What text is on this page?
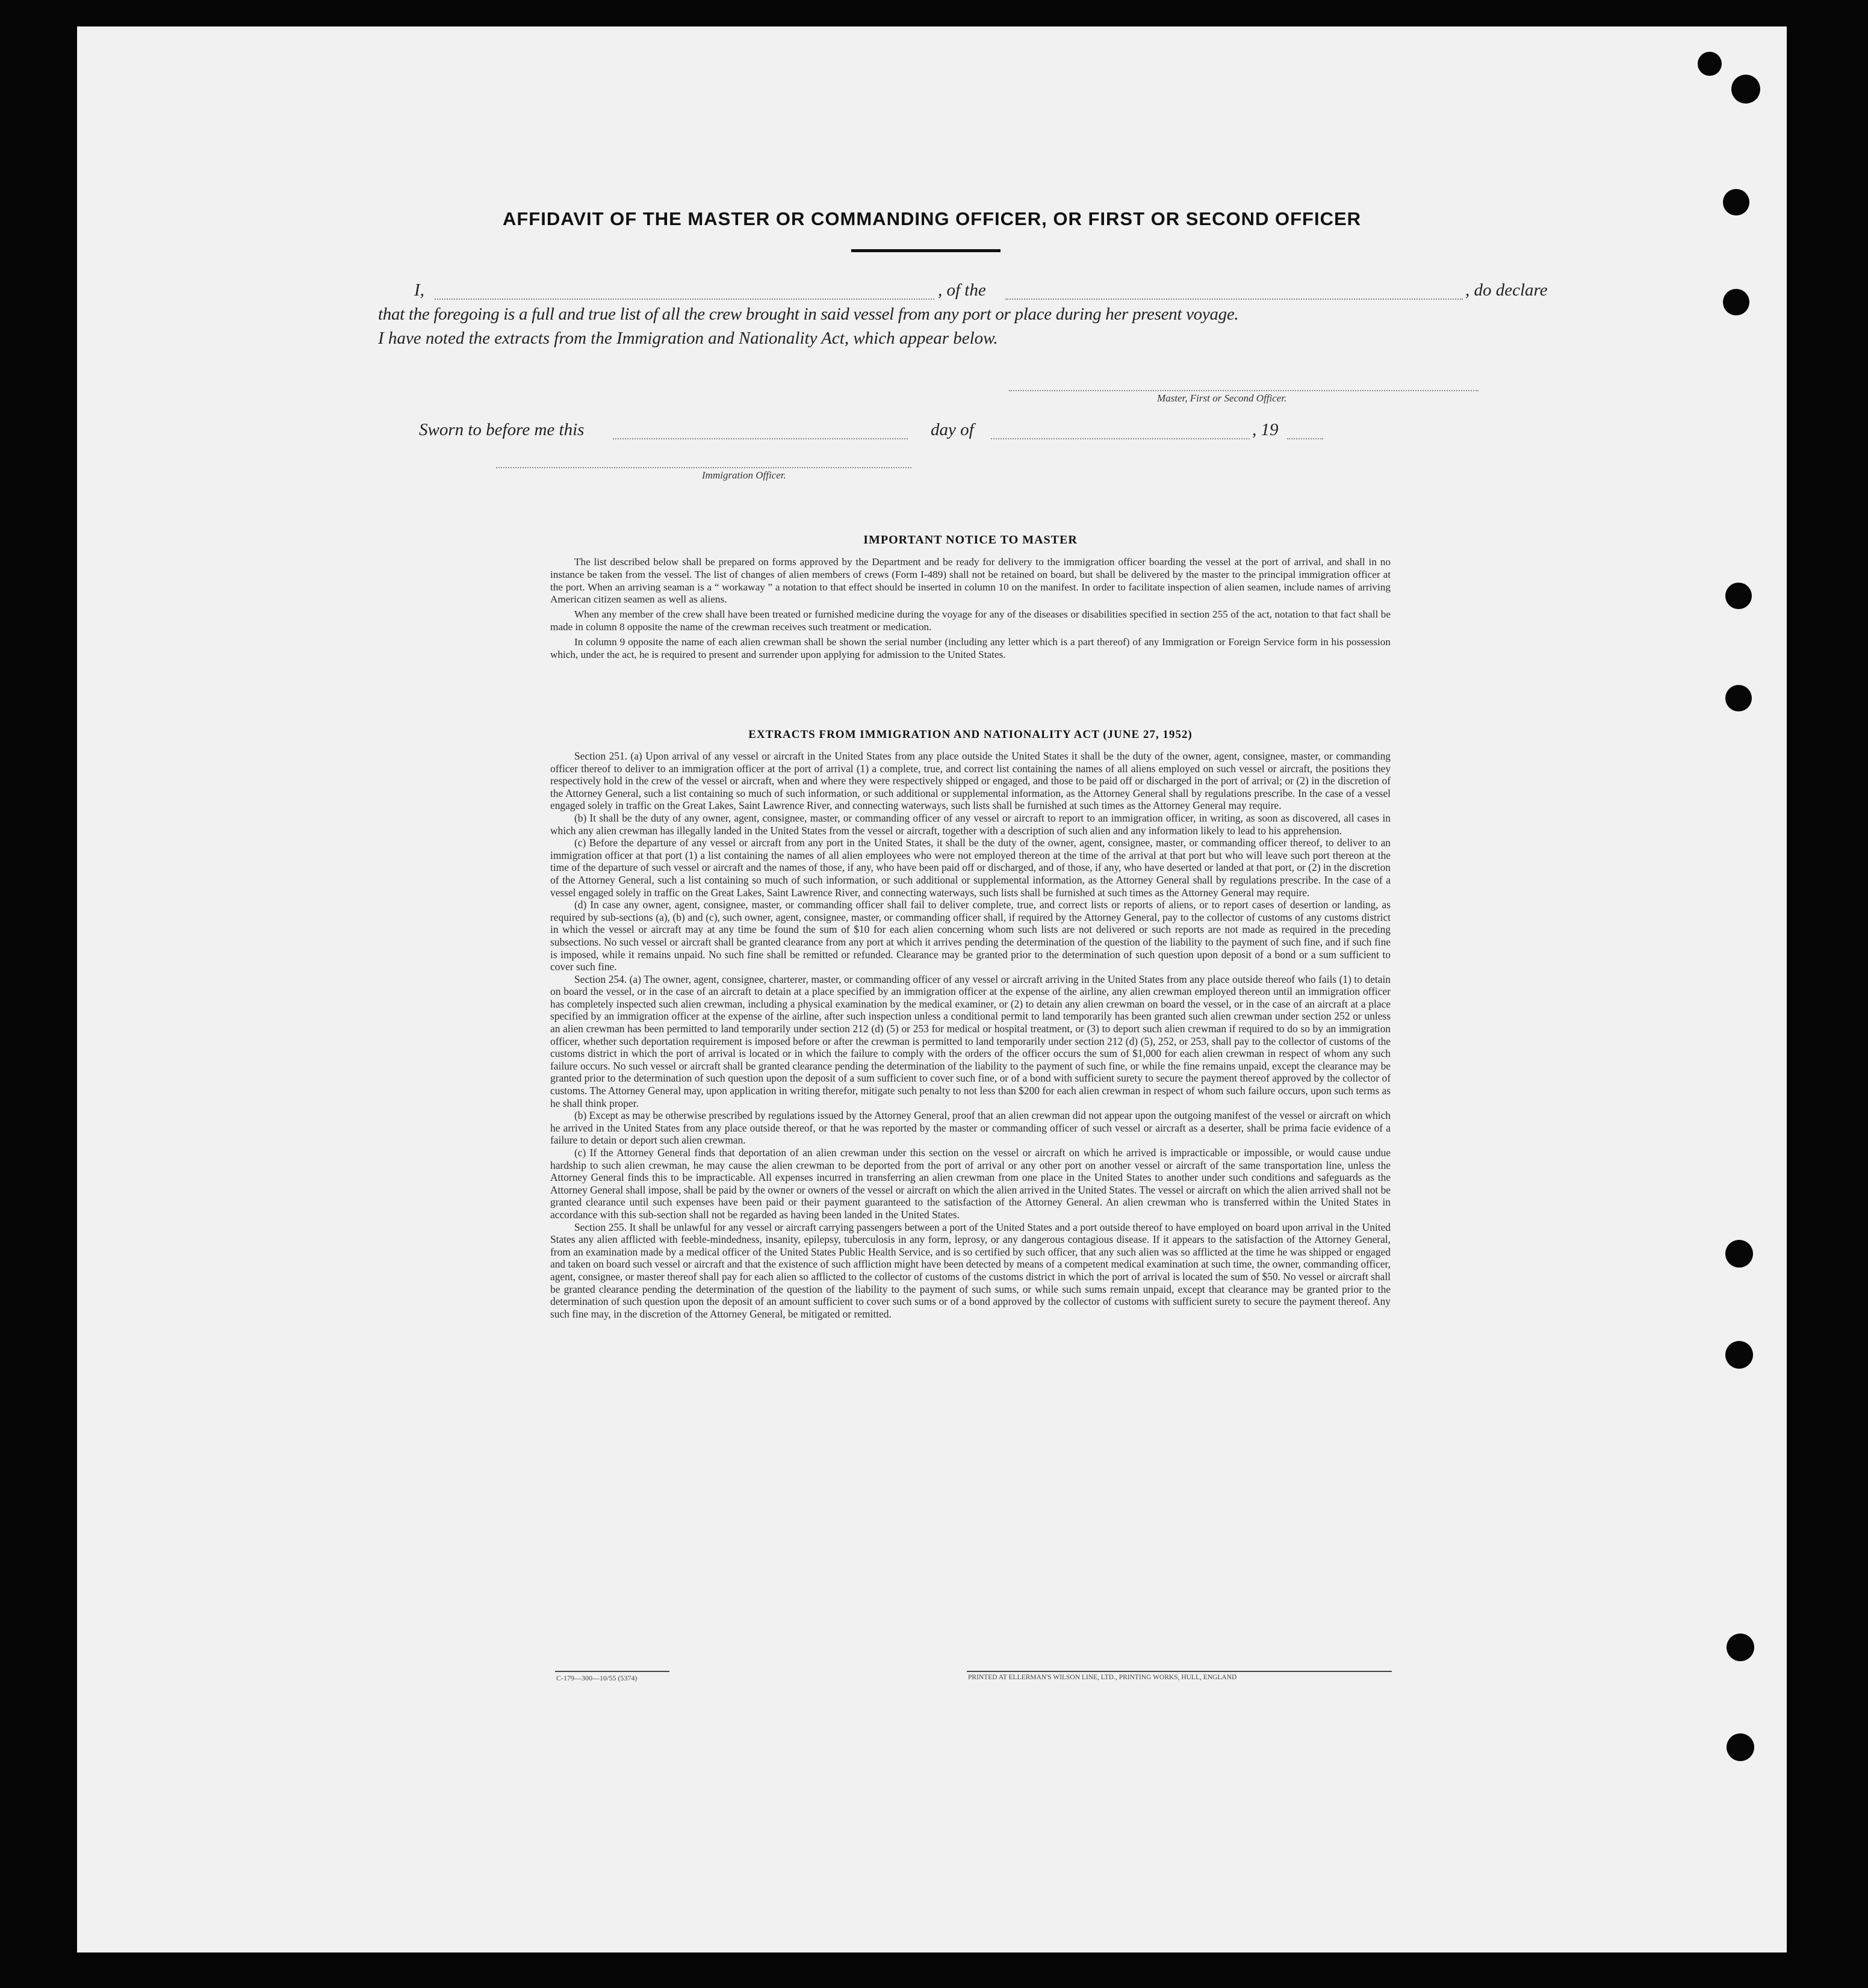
AFFIDAVIT OF THE MASTER OR COMMANDING OFFICER, OR FIRST OR SECOND OFFICER
I,	, of the	, do declare
that the foregoing is a full and true list of all the crew brought in said vessel from any port or place during her present voyage.
I have noted the extracts from the Immigration and Nationality Act, which appear below.
Master, First or Second Officer.
Sworn to before me this	day of	, 19
Immigration Officer.
IMPORTANT NOTICE TO MASTER

The list described below shall be prepared on forms approved by the Department and be ready for delivery to the immigration officer boarding the vessel at the port of arrival, and shall in no instance be taken from the vessel. The list of changes of alien members of crews (Form I-489) shall not be retained on board, but shall be delivered by the master to the principal immigration officer at the port. When an arriving seaman is a “ workaway ” a notation to that effect should be inserted in column 10 on the manifest. In order to facilitate inspection of alien seamen, include names of arriving American citizen seamen as well as aliens.

When any member of the crew shall have been treated or furnished medicine during the voyage for any of the diseases or disabilities specified in section 255 of the act, notation to that fact shall be made in column 8 opposite the name of the crewman receives such treatment or medication.

In column 9 opposite the name of each alien crewman shall be shown the serial number (including any letter which is a part thereof) of any Immigration or Foreign Service form in his possession which, under the act, he is required to present and surrender upon applying for admission to the United States.

EXTRACTS FROM IMMIGRATION AND NATIONALITY ACT (JUNE 27, 1952)

Section 251. (a) Upon arrival of any vessel or aircraft in the United States from any place outside the United States it shall be the duty of the owner, agent, consignee, master, or commanding officer thereof to deliver to an immigration officer at the port of arrival (1) a complete, true, and correct list containing the names of all aliens employed on such vessel or aircraft, the positions they respectively hold in the crew of the vessel or aircraft, when and where they were respectively shipped or engaged, and those to be paid off or discharged in the port of arrival; or (2) in the discretion of the Attorney General, such a list containing so much of such information, or such additional or supplemental information, as the Attorney General shall by regulations prescribe. In the case of a vessel engaged solely in traffic on the Great Lakes, Saint Lawrence River, and connecting waterways, such lists shall be furnished at such times as the Attorney General may require.

(b) It shall be the duty of any owner, agent, consignee, master, or commanding officer of any vessel or aircraft to report to an immigration officer, in writing, as soon as discovered, all cases in which any alien crewman has illegally landed in the United States from the vessel or aircraft, together with a description of such alien and any information likely to lead to his apprehension.

(c) Before the departure of any vessel or aircraft from any port in the United States, it shall be the duty of the owner, agent, consignee, master, or commanding officer thereof, to deliver to an immigration officer at that port (1) a list containing the names of all alien employees who were not employed thereon at the time of the arrival at that port but who will leave such port thereon at the time of the departure of such vessel or aircraft and the names of those, if any, who have been paid off or discharged, and of those, if any, who have deserted or landed at that port, or (2) in the discretion of the Attorney General, such a list containing so much of such information, or such additional or supplemental information, as the Attorney General shall by regulations prescribe. In the case of a vessel engaged solely in traffic on the Great Lakes, Saint Lawrence River, and connecting waterways, such lists shall be furnished at such times as the Attorney General may require.

(d) In case any owner, agent, consignee, master, or commanding officer shall fail to deliver complete, true, and correct lists or reports of aliens, or to report cases of desertion or landing, as required by sub-sections (a), (b) and (c), such owner, agent, consignee, master, or commanding officer shall, if required by the Attorney General, pay to the collector of customs of any customs district in which the vessel or aircraft may at any time be found the sum of $10 for each alien concerning whom such lists are not delivered or such reports are not made as required in the preceding subsections. No such vessel or aircraft shall be granted clearance from any port at which it arrives pending the determination of the question of the liability to the payment of such fine, and if such fine is imposed, while it remains unpaid. No such fine shall be remitted or refunded. Clearance may be granted prior to the determination of such question upon deposit of a bond or a sum sufficient to cover such fine.

Section 254. (a) The owner, agent, consignee, charterer, master, or commanding officer of any vessel or aircraft arriving in the United States from any place outside thereof who fails (1) to detain on board the vessel, or in the case of an aircraft to detain at a place specified by an immigration officer at the expense of the airline, any alien crewman employed thereon until an immigration officer has completely inspected such alien crewman, including a physical examination by the medical examiner, or (2) to detain any alien crewman on board the vessel, or in the case of an aircraft at a place specified by an immigration officer at the expense of the airline, after such inspection unless a conditional permit to land temporarily has been granted such alien crewman under section 252 or unless an alien crewman has been permitted to land temporarily under section 212 (d) (5) or 253 for medical or hospital treatment, or (3) to deport such alien crewman if required to do so by an immigration officer, whether such deportation requirement is imposed before or after the crewman is permitted to land temporarily under section 212 (d) (5), 252, or 253, shall pay to the collector of customs of the customs district in which the port of arrival is located or in which the failure to comply with the orders of the officer occurs the sum of $1,000 for each alien crewman in respect of whom any such failure occurs. No such vessel or aircraft shall be granted clearance pending the determination of the liability to the payment of such fine, or while the fine remains unpaid, except the clearance may be granted prior to the determination of such question upon the deposit of a sum sufficient to cover such fine, or of a bond with sufficient surety to secure the payment thereof approved by the collector of customs. The Attorney General may, upon application in writing therefor, mitigate such penalty to not less than $200 for each alien crewman in respect of whom such failure occurs, upon such terms as he shall think proper.

(b) Except as may be otherwise prescribed by regulations issued by the Attorney General, proof that an alien crewman did not appear upon the outgoing manifest of the vessel or aircraft on which he arrived in the United States from any place outside thereof, or that he was reported by the master or commanding officer of such vessel or aircraft as a deserter, shall be prima facie evidence of a failure to detain or deport such alien crewman.

(c) If the Attorney General finds that deportation of an alien crewman under this section on the vessel or aircraft on which he arrived is impracticable or impossible, or would cause undue hardship to such alien crewman, he may cause the alien crewman to be deported from the port of arrival or any other port on another vessel or aircraft of the same transportation line, unless the Attorney General finds this to be impracticable. All expenses incurred in transferring an alien crewman from one place in the United States to another under such conditions and safeguards as the Attorney General shall impose, shall be paid by the owner or owners of the vessel or aircraft on which the alien arrived in the United States. The vessel or aircraft on which the alien arrived shall not be granted clearance until such expenses have been paid or their payment guaranteed to the satisfaction of the Attorney General. An alien crewman who is transferred within the United States in accordance with this sub-section shall not be regarded as having been landed in the United States.

Section 255. It shall be unlawful for any vessel or aircraft carrying passengers between a port of the United States and a port outside thereof to have employed on board upon arrival in the United States any alien afflicted with feeble-mindedness, insanity, epilepsy, tuberculosis in any form, leprosy, or any dangerous contagious disease. If it appears to the satisfaction of the Attorney General, from an examination made by a medical officer of the United States Public Health Service, and is so certified by such officer, that any such alien was so afflicted at the time he was shipped or engaged and taken on board such vessel or aircraft and that the existence of such affliction might have been detected by means of a competent medical examination at such time, the owner, commanding officer, agent, consignee, or master thereof shall pay for each alien so afflicted to the collector of customs of the customs district in which the port of arrival is located the sum of $50. No vessel or aircraft shall be granted clearance pending the determination of the question of the liability to the payment of such sums, or while such sums remain unpaid, except that clearance may be granted prior to the determination of such question upon the deposit of an amount sufficient to cover such sums or of a bond approved by the collector of customs with sufficient surety to secure the payment thereof. Any such fine may, in the discretion of the Attorney General, be mitigated or remitted.

C-179—300—10/55 (5374)	PRINTED AT ELLERMAN'S WILSON LINE, LTD., PRINTING WORKS, HULL, ENGLAND
